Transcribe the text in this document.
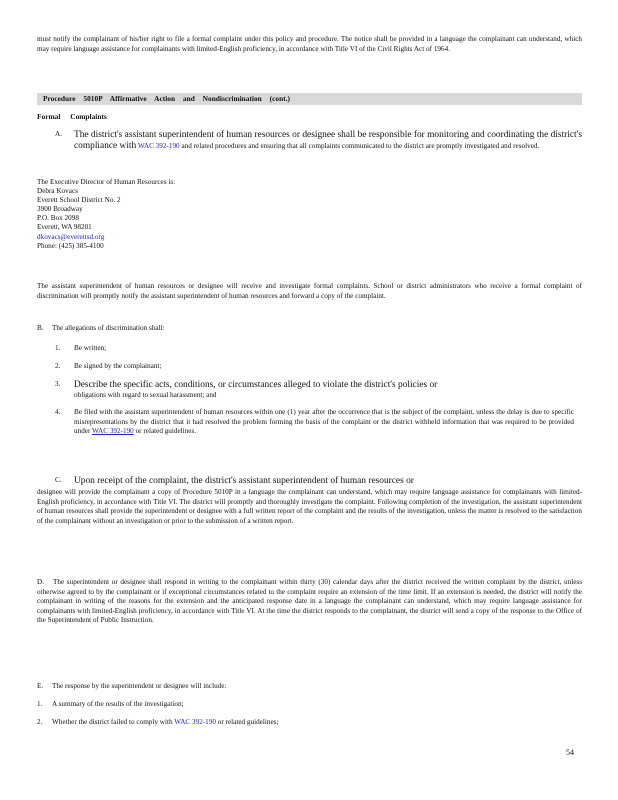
must notify the complainant of his/her right to file a formal complaint under this policy and procedure. The notice shall be provided in a language the complainant can understand, which may require language assistance for complainants with limited-English proficiency, in accordance with Title VI of the Civil Rights Act of 1964.
Procedure 5010P Affirmative Action and Nondiscrimination (cont.)
Formal Complaints
A. The district's assistant superintendent of human resources or designee shall be responsible for monitoring and coordinating the district's compliance with WAC 392-190 and related procedures and ensuring that all complaints communicated to the district are promptly investigated and resolved.
The Executive Director of Human Resources is:
Debra Kovacs
Everett School District No. 2
3900 Broadway
P.O. Box 2098
Everett, WA 98201
dkovacs@everettsd.org
Phone: (425) 385-4100
The assistant superintendent of human resources or designee will receive and investigate formal complaints. School or district administrators who receive a formal complaint of discrimination will promptly notify the assistant superintendent of human resources and forward a copy of the complaint.
B. The allegations of discrimination shall:
1. Be written;
2. Be signed by the complainant;
3. Describe the specific acts, conditions, or circumstances alleged to violate the district's policies or
obligations with regard to sexual harassment; and
4. Be filed with the assistant superintendent of human resources within one (1) year after the occurrence that is the subject of the complaint, unless the delay is due to specific misrepresentations by the district that it had resolved the problem forming the basis of the complaint or the district withheld information that was required to be provided under WAC 392-190 or related guidelines.
C. Upon receipt of the complaint, the district's assistant superintendent of human resources or
designee will provide the complainant a copy of Procedure 5010P in a language the complainant can understand, which may require language assistance for complainants with limited-English proficiency, in accordance with Title VI. The district will promptly and thoroughly investigate the complaint. Following completion of the investigation, the assistant superintendent of human resources shall provide the superintendent or designee with a full written report of the complaint and the results of the investigation, unless the matter is resolved to the satisfaction of the complainant without an investigation or prior to the submission of a written report.
D.	The superintendent or designee shall respond in writing to the complainant within thirty (30) calendar days after the district received the written complaint by the district, unless otherwise agreed to by the complainant or if exceptional circumstances related to the complaint require an extension of the time limit. If an extension is needed, the district will notify the complainant in writing of the reasons for the extension and the anticipated response date in a language the complainant can understand, which may require language assistance for complainants with limited-English proficiency, in accordance with Title VI. At the time the district responds to the complainant, the district will send a copy of the response to the Office of the Superintendent of Public Instruction.
E. The response by the superintendent or designee will include:
1. A summary of the results of the investigation;
2. Whether the district failed to comply with WAC 392-190 or related guidelines;
54
